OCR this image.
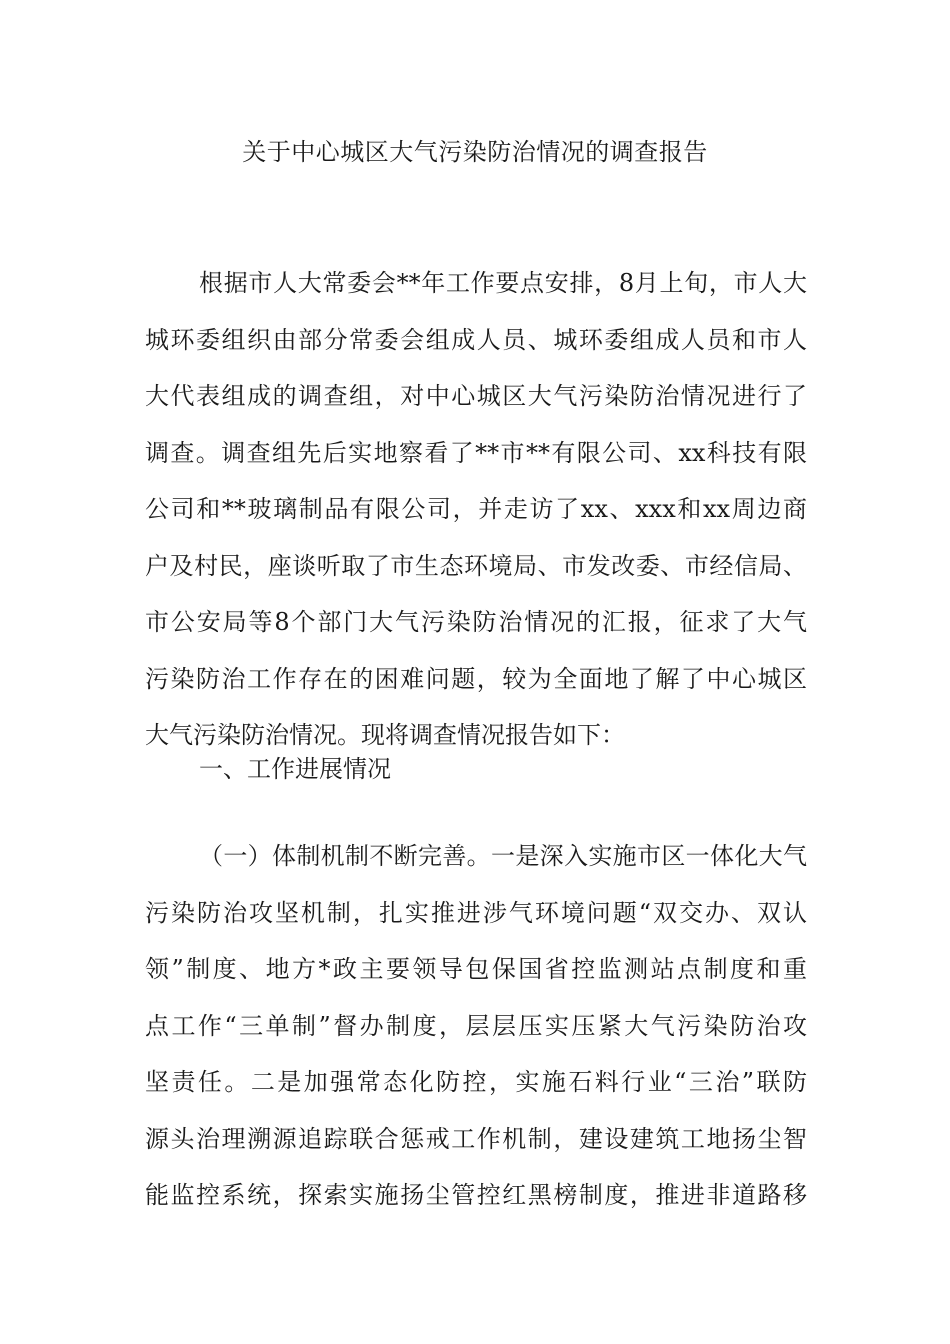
关于中心城区大气污染防治情况的调查报告
根据市人大常委会**年工作要点安排，8月上旬，市人大
城环委组织由部分常委会组成人员、城环委组成人员和市人
大代表组成的调查组，对中心城区大气污染防治情况进行了
调查。调查组先后实地察看了**市**有限公司、xx科技有限
公司和**玻璃制品有限公司，并走访了xx、xxx和xx周边商
户及村民，座谈听取了市生态环境局、市发改委、市经信局、
市公安局等8个部门大气污染防治情况的汇报，征求了大气
污染防治工作存在的困难问题，较为全面地了解了中心城区
大气污染防治情况。现将调查情况报告如下：
一、工作进展情况
（一）体制机制不断完善。一是深入实施市区一体化大气
污染防治攻坚机制，扎实推进涉气环境问题“双交办、双认
领”制度、地方*政主要领导包保国省控监测站点制度和重
点工作“三单制”督办制度，层层压实压紧大气污染防治攻
坚责任。二是加强常态化防控，实施石料行业“三治”联防
源头治理溯源追踪联合惩戒工作机制，建设建筑工地扬尘智
能监控系统，探索实施扬尘管控红黑榜制度，推进非道路移
